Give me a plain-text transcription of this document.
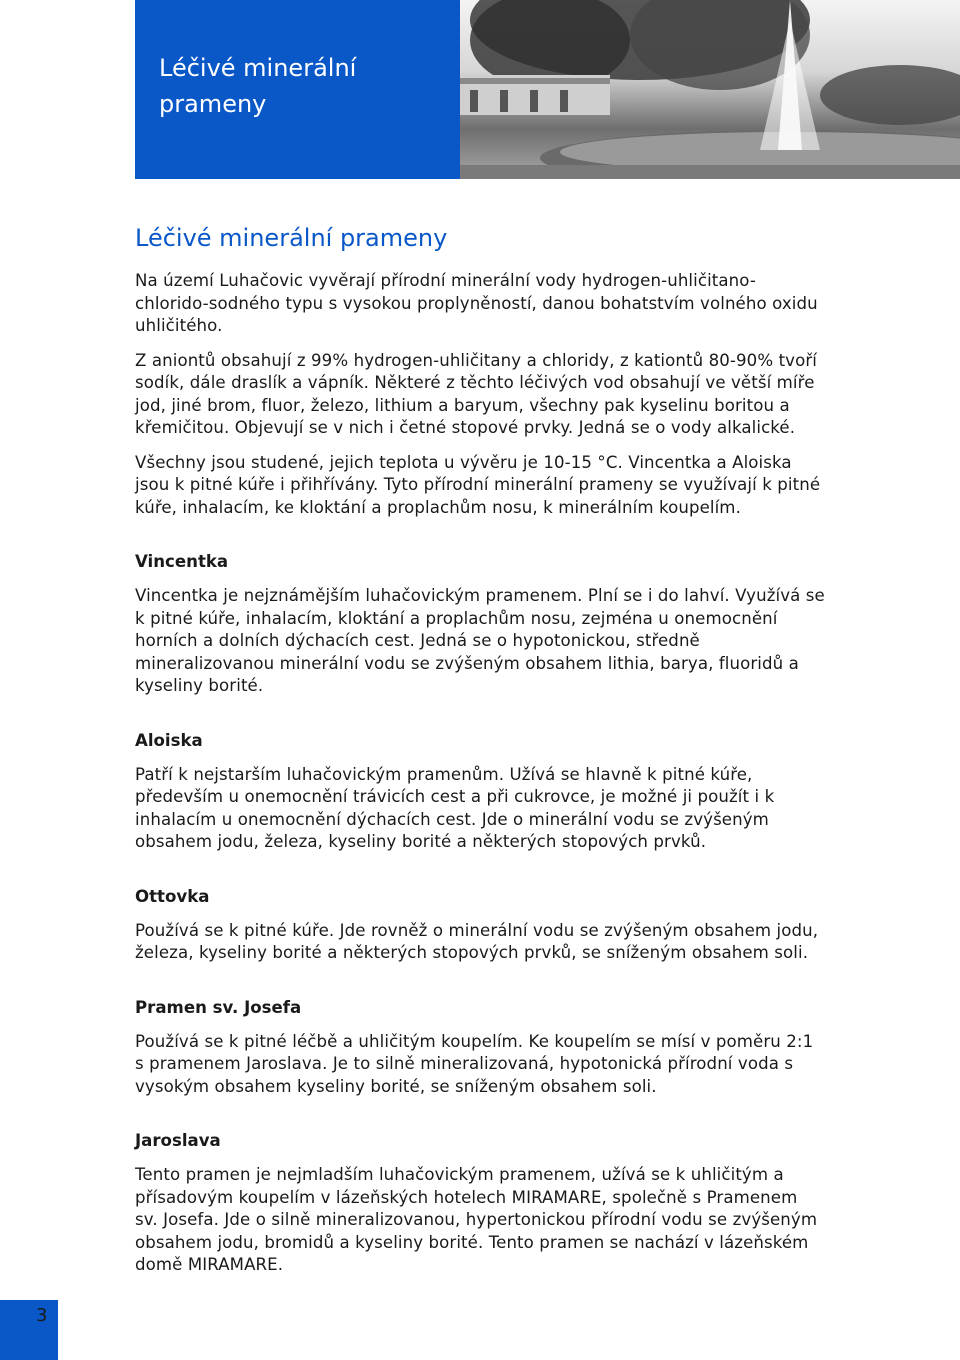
Léčivé minerální prameny
Léčivé minerální prameny

Na území Luhačovic vyvěrají přírodní minerální vody hydrogen-uhličitano-chlorido-sodného typu s vysokou proplyněností, danou bohatstvím volného oxidu uhličitého.

Z aniontů obsahují z 99% hydrogen-uhličitany a chloridy, z kationtů 80-90% tvoří sodík, dále draslík a vápník. Některé z těchto léčivých vod obsahují ve větší míře jod, jiné brom, fluor, železo, lithium a baryum, všechny pak kyselinu boritou a křemičitou. Objevují se v nich i četné stopové prvky. Jedná se o vody alkalické.

Všechny jsou studené, jejich teplota u vývěru je 10-15 °C. Vincentka a Aloiska jsou k pitné kúře i přihřívány. Tyto přírodní minerální prameny se využívají k pitné kúře, inhalacím, ke kloktání a proplachům nosu, k minerálním koupelím.

Vincentka

Vincentka je nejznámějším luhačovickým pramenem. Plní se i do lahví. Využívá se k pitné kúře, inhalacím, kloktání a proplachům nosu, zejména u onemocnění horních a dolních dýchacích cest. Jedná se o hypotonickou, středně mineralizovanou minerální vodu se zvýšeným obsahem lithia, barya, fluoridů a kyseliny borité.

Aloiska

Patří k nejstarším luhačovickým pramenům. Užívá se hlavně k pitné kúře, především u onemocnění trávicích cest a při cukrovce, je možné ji použít i k inhalacím u onemocnění dýchacích cest. Jde o minerální vodu se zvýšeným obsahem jodu, železa, kyseliny borité a některých stopových prvků.

Ottovka

Používá se k pitné kúře. Jde rovněž o minerální vodu se zvýšeným obsahem jodu, železa, kyseliny borité a některých stopových prvků, se sníženým obsahem soli.

Pramen sv. Josefa

Používá se k pitné léčbě a uhličitým koupelím. Ke koupelím se mísí v poměru 2:1 s pramenem Jaroslava. Je to silně mineralizovaná, hypotonická přírodní voda s vysokým obsahem kyseliny borité, se sníženým obsahem soli.

Jaroslava

Tento pramen je nejmladším luhačovickým pramenem, užívá se k uhličitým a přísadovým koupelím v lázeňských hotelech MIRAMARE, společně s Pramenem sv. Josefa. Jde o silně mineralizovanou, hypertonickou přírodní vodu se zvýšeným obsahem jodu, bromidů a kyseliny borité. Tento pramen se nachází v lázeňském domě MIRAMARE.

3
